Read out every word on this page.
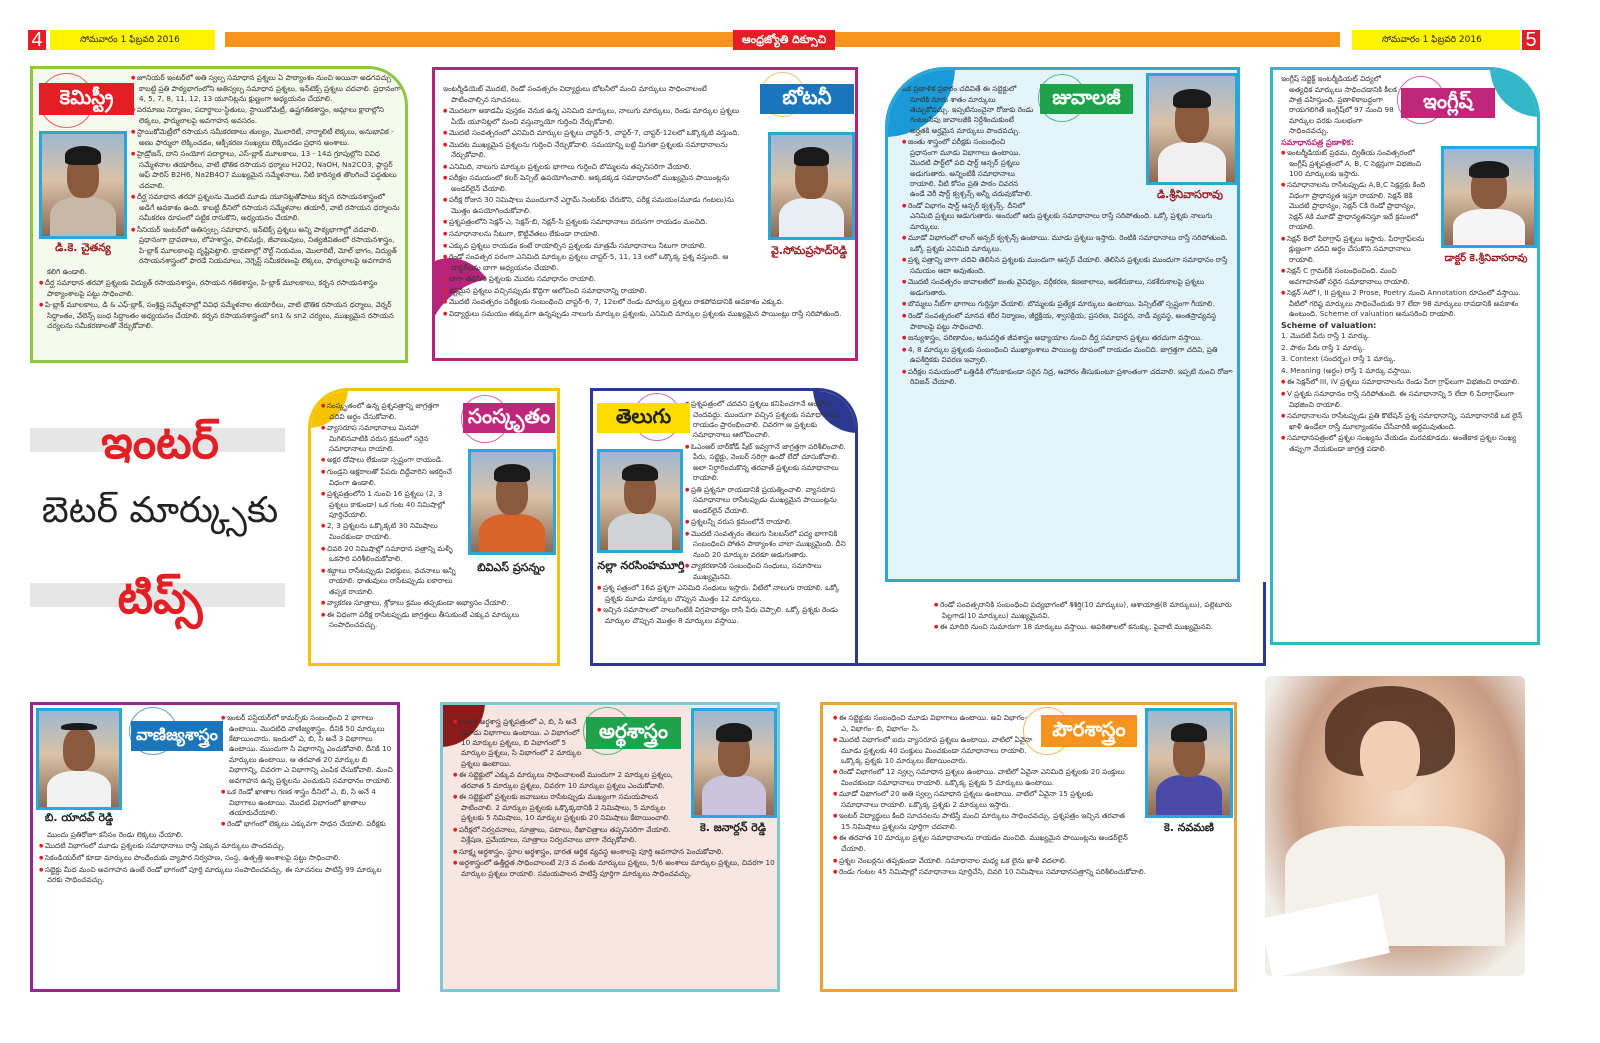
4	సోమవారం 1 ఫిబ్రవరి 2016	ఆంధ్రజ్యోతి దిక్సూచి	సోమవారం 1 ఫిబ్రవరి 2016	5
కెమిస్ట్రీ
డి.కె. చైతన్య

● జూనియర్ ఇంటర్‌లో అతి స్వల్ప సమాధాన ప్రశ్నలు ఏ పాఠ్యాంశం నుంచి అయినా అడగవచ్చు కాబట్టి ప్రతి పాఠ్యభాగంలోని అతిస్వల్ప సమాధాన ప్రశ్నలు, ఇన్‌టెక్స్ ప్రశ్నలు చదవాలి. ప్రధానంగా 4, 5, 7, 8, 11, 12, 13 యూనిట్లను క్షుణ్ణంగా అధ్యయనం చేయాలి.

● పరమాణు నిర్మాణం, పదార్థాలు-స్థితులు, స్టాయికోమెట్రీ, ఉష్ణగతికశాస్త్రం, ఆమ్లాలు క్షారాల్లోని లెక్కలు, ఫార్ములాలపై అవగాహన అవసరం.

● స్టాయికోమెట్రీలో రసాయన సమీకరణాలు తుల్యం, మొలారిటీ, నార్మాలిటీ లెక్కలు, అనుభావిక - అణు ఫార్ములా లెక్కించడం, ఆక్సీకరణ సంఖ్యలు లెక్కించడం ప్రధాన అంశాలు.

● హైడ్రోజన్, దాని సంయోగ పదార్థాలు, ఎస్-బ్లాక్ మూలకాలు, 13 - 14వ గ్రూపుల్లోని వివిధ సమ్మేళనాల తయారీలు, వాటి భౌతిక రసాయన ధర్మాలు H2O2, NaOH, Na2CO3, ప్లాస్టర్ ఆఫ్ పారిస్ B2H6, Na2B4O7 ముఖ్యమైన సమ్మేళనాలు. నీటి కాఠిన్యత తొలగించే పద్ధతులు చదవాలి.

● దీర్ఘ సమాధాన తరహా ప్రశ్నలను మొదటి మూడు యూనిట్లతోపాటు కర్బన రసాయనశాస్త్రంలో అడిగే అవకాశం ఉంది. కాబట్టి దీనిలో రసాయన సమ్మేళనాల తయారీ, వాటి రసాయన ధర్మాలను సమీకరణ రూపంలో పట్టిక రాసుకొని, అధ్యయనం చేయాలి.

● సీనియర్ ఇంటర్‌లో అతిస్వల్ప సమాధాన, ఇన్‌టెక్స్ ప్రశ్నలు అన్ని పాఠ్యభాగాల్లో చదవాలి. ప్రధానంగా ద్రావణాలు, లోహశాస్త్రం, పాలిమర్లు, జీవాణువులు, నిత్యజీవితంలో రసాయనశాస్త్రం, పి-బ్లాక్ మూలకాలపై దృష్టిపెట్టాలి. ద్రావణాల్లో రౌల్ట్ నియమం, మొలారిటీ, మోల్ భాగం, విద్యుత్ రసాయనశాస్త్రంలో ఫారడే నియమాలు, నెర్నెస్ట్ సమీకరణంపై లెక్కలు, ఫార్ములాలపై అవగాహన కలిగి ఉండాలి.

● దీర్ఘ సమాధాన తరహా ప్రశ్నలకు విద్యుత్ రసాయనశాస్త్రం, రసాయన గతికశాస్త్రం, పి-బ్లాక్ మూలకాలు, కర్బన రసాయనశాస్త్రం పాఠ్యాంశాలపై పట్టు సాధించాలి.

● పి-బ్లాక్ మూలకాలు, డి & ఎఫ్-బ్లాక్, సంశ్లిష్ట సమ్మేళనాల్లో వివిధ సమ్మేళనాల తయారీలు, వాటి భౌతిక రసాయన ధర్మాలు, వెర్నర్ సిద్ధాంతం, వేలెన్స్ బంధ సిద్ధాంతం అధ్యయనం చేయాలి. కర్బన రసాయనశాస్త్రంలో sn1 & sn2 చర్యలు, ముఖ్యమైన రసాయన చర్యలను సమీకరణాలతో నేర్చుకోవాలి.

బోటనీ
వై.సోమప్రసాద్‌రెడ్డి

ఇంటర్మీడియెట్ మొదటి, రెండో సంవత్సరం విద్యార్థులు బోటనీలో మంచి మార్కులు సాధించాలంటే పాటించాల్సిన సూచనలు.

● మొదటగా అకాడమీ పుస్తకం వెనుక ఉన్న ఎనిమిది మార్కులు, నాలుగు మార్కులు, రెండు మార్కుల ప్రశ్నలు ఏయే యూనిట్లలో నుంచి వస్తున్నాయో గుర్తించి నేర్చుకోవాలి.

● మొదటి సంవత్సరంలో ఎనిమిది మార్కుల ప్రశ్నలు చాప్టర్-5, చాప్టర్-7, చాప్టర్-12లలో ఒక్కొక్కటి వస్తుంది.

● మొదట ముఖ్యమైన ప్రశ్నలను గుర్తించి నేర్చుకోవాలి. సమయాన్ని బట్టి మిగతా ప్రశ్నలకు సమాధానాలను నేర్చుకోవాలి.

● ఎనిమిది, నాలుగు మార్కుల ప్రశ్నలకు భాగాలు గుర్తించి బొమ్మలను తప్పనిసరిగా వేయాలి.

● పరీక్షల సమయంలో కలర్ పెన్సిల్ ఉపయోగించాలి. అక్కడక్కడ సమాధానంలో ముఖ్యమైన పాయింట్లను అండర్‌లైన్ చేయాలి.

● పరీక్ష రోజున 30 నిమిషాలు ముందుగానే ఎగ్జామ్ సెంటర్‌కు చేరుకొని, పరీక్ష సమయం(మూడు గంటలు)ను మొత్తం ఉపయోగించుకోవాలి.

● ప్రశ్నపత్రంలోని సెక్షన్-ఎ, సెక్షన్-బి, సెక్షన్-సి ప్రశ్నలకు సమాధానాలు వరుసగా రాయడం మంచిది.

● సమాధానాలను నీటుగా, కొట్టివేతలు లేకుండా రాయాలి.

● ఎక్కువ ప్రశ్నలు రాయడం కంటే రాయాల్సిన ప్రశ్నలకు మాత్రమే సమాధానాలు నీటుగా రాయాలి.

● రెండో సంవత్సర పరంగా ఎనిమిది మార్కుల ప్రశ్నలు చాప్టర్-5, 11, 13 లలో ఒక్కొక్క ప్రశ్న వస్తుంది. ఆ చాప్టర్‌లను బాగా అధ్యయనం చేయాలి.

● బాగా తెలిసిన ప్రశ్నలకు మొదట సమాధానం రాయాలి.

● కష్టమైన ప్రశ్నలు వచ్చినప్పుడు కొద్దిగా ఆలోచించి సమాధానాన్ని రాయాలి.

● మొదటి సంవత్సరం పరీక్షలకు సంబంధించి చాప్టర్-6, 7, 12లలో రెండు మార్కుల ప్రశ్నలు రాకపోవడానికి అవకాశం ఎక్కువ.

● విద్యార్థులు సమయం తక్కువగా ఉన్నప్పుడు నాలుగు మార్కుల ప్రశ్నలకు, ఎనిమిది మార్కుల ప్రశ్నలకు ముఖ్యమైన పాయింట్లు రాస్తే సరిపోతుంది.

జువాలజీ
డి.శ్రీనివాసరావు

ఒక ప్రణాళిక ప్రకారం చదివితే ఈ సబ్జెక్టులో నూటికి నూరు శాతం మార్కులు తెచ్చుకోవచ్చు. ఇప్పటినుంచైనా రోజుకు రెండు గంటలసేపు జువాలజీకి నిర్దేశించుకుంటే అర్హతకి అర్హమైన మార్కులు పొందవచ్చు.

● జంతు శాస్త్రంలో పరీక్షకు సంబంధించి ప్రధానంగా మూడు విభాగాలు ఉంటాయి. మొదటి పార్ట్‌లో పది షార్ట్ ఆన్సర్ ప్రశ్నలు అడుగుతారు. అన్నింటికీ సమాధానాలు రాయాలి. వీటి కోసం ప్రతి పాఠం చివరన ఉండే వెరీ షార్ట్ క్వశ్చన్స్ అన్నీ చదువుకోవాలి.

● రెండో విభాగం షార్ట్ ఆన్సర్ క్వశ్చన్స్. దీనిలో ఎనిమిది ప్రశ్నలు అడుగుతారు. అందులో ఆరు ప్రశ్నలకు సమాధానాలు రాస్తే సరిపోతుంది. ఒక్కో ప్రశ్నకు నాలుగు మార్కులు.

● మూడో విభాగంలో లాంగ్ ఆన్సర్ క్వశ్చన్స్ ఉంటాయి. మూడు ప్రశ్నలు ఇస్తారు. రెంటికి సమాధానాలు రాస్తే సరిపోతుంది. ఒక్కో ప్రశ్నకు ఎనిమిది మార్కులు.

● ప్రశ్న పత్రాన్ని బాగా చదివి తెలిసిన ప్రశ్నలకు ముందుగా ఆన్సర్ చేయాలి. తెలిసిన ప్రశ్నలకు ముందుగా సమాధానం రాస్తే సమయం ఆదా అవుతుంది.

● మొదటి సంవత్సరం జువాలజీలో జంతు వైవిధ్యం, వర్గీకరణ, కణజాలాలు, అకశేరుకాలు, సకశేరుకాలపై ప్రశ్నలు అడుగుతారు.

● బొమ్మలు నీట్‌గా భాగాలు గుర్తిస్తూ వేయాలి. బొమ్మలకు ప్రత్యేక మార్కులు ఉంటాయి. పెన్సిల్‌తో స్పష్టంగా గీయాలి.

● రెండో సంవత్సరంలో మానవ శరీర నిర్మాణం, జీర్ణక్రియ, శ్వాసక్రియ, ప్రసరణ, విసర్జన, నాడీ వ్యవస్థ, అంతస్రావ్యవస్థ పాఠాలపై పట్టు సాధించాలి.

● జన్యుశాస్త్రం, పరిణామం, అనువర్తిత జీవశాస్త్రం అధ్యాయాల నుంచి దీర్ఘ సమాధాన ప్రశ్నలు తరచుగా వస్తాయి.

● 4, 8 మార్కుల ప్రశ్నలకు సంబంధించి ముఖ్యాంశాలు పాయింట్ల రూపంలో రాయడం మంచిది. జాగ్రత్తగా చదివి, ప్రతి ఉపశీర్షికకు వివరణ ఇవ్వాలి.

● పరీక్షల సమయంలో ఒత్తిడికి లోనుకాకుండా సరైన నిద్ర, ఆహారం తీసుకుంటూ ప్రశాంతంగా చదవాలి. ఇప్పటి నుంచి రోజూ రివిజన్ చేయాలి.

ఇంగ్లీష్
డాక్టర్ కె.శ్రీనివాసరావు

ఇంగ్లీష్ సబ్జెక్ట్ ఇంటర్మీడియట్ విద్యలో అత్యధిక మార్కులు సాధించడానికి కీలక పాత్ర వహిస్తుంది. ప్రణాళికాబద్ధంగా రాయగలిగితే ఇంగ్లీష్‌లో 97 నుంచి 98 మార్కుల వరకు సులభంగా సాధించవచ్చు.

సమాధానపత్ర ప్రణాళిక:

● ఇంటర్మీడియట్ ప్రథమ, ద్వితీయ సంవత్సరంలో ఇంగ్లీష్ ప్రశ్నపత్రంలో A, B, C సెక్షన్లుగా విభజించి 100 మార్కులకు ఇస్తారు.

● సమాధానాలను రాసేటప్పుడు A,B,C సెక్షన్లకు కింది విధంగా ప్రాధాన్యత ఇస్తూ రాయాలి. సెక్షన్ Bకి మొదటి ప్రాధాన్యం, సెక్షన్ Cకి రెండో ప్రాధాన్యం, సెక్షన్ Aకి మూడో ప్రాధాన్యతనిస్తూ ఇదే క్రమంలో రాయాలి.

● సెక్షన్ Bలో పేరాగ్రాఫ్ ప్రశ్నలు ఇస్తారు. పేరాగ్రాఫ్‌లను క్షుణ్ణంగా చదివి అర్థం చేసుకొని సమాధానాలు రాయాలి.

● సెక్షన్ C గ్రామర్‌కి సంబంధించింది. మంచి అవగాహనతో సరైన సమాధానాలు రాయాలి.

● సెక్షన్ Aలో I, II ప్రశ్నలు 2 Prose, Poetry నుంచి Annotation రూపంలో వస్తాయి. వీటిలో గరిష్ఠ మార్కులు సాధించేందుకు 97 లేదా 98 మార్కులు రావడానికి అవకాశం ఉంటుంది. Scheme of valuation అనుసరించి రాయాలి.

Scheme of valuation:

1. మొదటి పేరు రాస్తే 1 మార్కు.

2. పాఠం పేరు రాస్తే 1 మార్కు.

3. Context (సందర్భం) రాస్తే 1 మార్కు.

4. Meaning (అర్థం) రాస్తే 1 మార్కు వస్తాయి.

● ఈ సెక్షన్‌లో III, IV ప్రశ్నలు సమాధానాలను రెండు పేరా గ్రాఫ్‌లుగా విభజించి రాయాలి.

● V ప్రశ్నకు సమాధానం రాస్తే సరిపోతుంది. ఈ సమాధానాన్ని 5 లేదా 6 పేరాగ్రాఫ్‌లుగా విభజించి రాయాలి.

● సమాధానాలను రాసేటప్పుడు ప్రతి కొటేషన్ ప్రశ్న సమాధానాన్ని, సమాధానానికి ఒక లైన్ ఖాళీ ఉండేలా రాస్తే మూల్యాంకనం చేసేవారికి అర్థమవుతుంది.

● సమాధానపత్రంలో ప్రశ్నల సంఖ్యను వేయడం మరవకూడదు. అంతేకాక ప్రశ్నల సంఖ్య తప్పుగా వేయకుండా జాగ్రత్త పడాలి.

ఇంటర్
బెటర్ మార్క్సుకు
టిప్స్
సంస్కృతం
బివిఎస్ ప్రసన్నం

● సంస్కృతంలో ఉన్న ప్రశ్నపత్రాన్ని జాగ్రత్తగా చదివి అర్థం చేసుకోవాలి.

● వ్యాసరూప సమాధానాలు మినహా మిగిలినవాటికి వరుస క్రమంలో సరైన సమాధానాలు రాయాలి.

● అక్షర దోషాలు లేకుండా స్పష్టంగా రాయండి.

● గుండ్రని అక్షరాలతో పేపరు దిద్దేవారిని ఆకర్షించే విధంగా ఉండాలి.

● ప్రశ్నపత్రంలోని 1 నుంచి 16 ప్రశ్నలు (2, 3 ప్రశ్నలు కాకుండా) ఒక గంట 40 నిమిషాల్లో పూర్తిచేయాలి.

● 2, 3 ప్రశ్నలను ఒక్కొక్కటి 30 నిమిషాలు మించకుండా రాయాలి.

● చివరి 20 నిమిషాల్లో సమాధాన పత్రాన్ని మళ్ళీ ఒకసారి పరిశీలించుకోవాలి.

● శబ్దాలు రాసేటప్పుడు విభక్తులు, వచనాలు అన్నీ రాయాలి. ధాతువులు రాసేటప్పుడు లకారాలు తప్పక రాయాలి.

● వ్యాకరణ సూత్రాలు, శ్లోకాలు క్రమం తప్పకుండా అభ్యాసం చేయాలి.

● ఈ విధంగా పరీక్ష రాసేటప్పుడు జాగ్రత్తలు తీసుకుంటే ఎక్కువ మార్కులు సంపాదించవచ్చు.

తెలుగు
నల్లా నరసింహమూర్తి

● ప్రశ్నపత్రంలో చదవని ప్రశ్నలు కనిపించగానే ఆందోళన చెందవద్దు. ముందుగా వచ్చిన ప్రశ్నలకు సమాధానాలు రాయడం ప్రారంభించాలి. చివరగా ఆ ప్రశ్నలకు సమాధానాలు ఆలోచించాలి.

● ఓఎంఆర్ బార్‌కోడ్ షీట్ ఇవ్వగానే జాగ్రత్తగా పరిశీలించాలి. పేరు, సబ్జెక్టు, నెంబర్ సరిగ్గా ఉందో లేదో చూసుకోవాలి. అలా నిర్ధారించుకొన్న తరవాతే ప్రశ్నలకు సమాధానాలు రాయాలి.

● ప్రతి ప్రశ్ననూ రాయడానికి ప్రయత్నించాలి. వ్యాసరూప సమాధానాలు రాసేటప్పుడు ముఖ్యమైన పాయింట్లను అండర్‌లైన్ చేయాలి.

● ప్రశ్నలన్నీ వరుస క్రమంలోనే రాయాలి.

● మొదటి సంవత్సరం తెలుగు సిలబస్‌లో పద్య భాగానికి సంబంధించి పోతన పాఠ్యాంశం చాలా ముఖ్యమైంది. దీని నుంచి 20 మార్కుల వరకూ అడుగుతారు.

● వ్యాకరణానికి సంబంధించి సంధులు, సమాసాలు ముఖ్యమైనవి.

● ప్రశ్న పత్రంలో 16వ ప్రశ్నగా ఎనిమిది సంధులు ఇస్తారు. వీటిలో నాలుగు రాయాలి. ఒక్కో ప్రశ్నకు మూడు మార్కుల చొప్పున మొత్తం 12 మార్కులు.

● ఇచ్చిన సమాసాలలో నాలుగింటికి విగ్రహవాక్యం రాసి పేరు చెప్పాలి. ఒక్కో ప్రశ్నకు రెండు మార్కుల చొప్పున మొత్తం 8 మార్కులు వస్తాయి.

● రెండో సంవత్సరానికి సంబంధించి పద్యభాగంలో శిశిర్షి(10 మార్కులు), ఆశాయాత్ర(8 మార్కులు), పల్లెటూరు పిల్లగాడ(10 మార్కులు) ముఖ్యమైనవి.

● ఈ మాదిరి నుంచి సుమారుగా 18 మార్కులు వస్తాయి. అపఠితాలలో కనుక్కు, పైవాటి ముఖ్యమైనవి.

బి. యాదవ్ రెడ్డి
వాణిజ్యశాస్త్రం

● ఇంటర్ పస్టియర్‌లో కామర్స్‌కు సంబంధించి 2 భాగాలు ఉంటాయి. మొదటిది వాణిజ్యశాస్త్రం. దీనికి 50 మార్కులు కేటాయించారు. ఇందులో ఎ, బి, సి అనే 3 విభాగాలు ఉంటాయి. ముందుగా సి విభాగాన్ని ఎంచుకోవాలి. దీనికి 10 మార్కులు ఉంటాయి. ఆ తరవాత 20 మార్కుల బి విభాగాన్ని, చివరగా ఎ విభాగాన్ని ఎంపిక చేసుకోవాలి. మంచి అవగాహన ఉన్న ప్రశ్నలను ఎంచుకుని సమాధానం రాయాలి.

● ఒక రెండో ఖాతాల గణక శాస్త్రం దీనిలో ఎ, బి, సి అనే 4 విభాగాలు ఉంటాయి. మొదటి విభాగంలో ఖాతాలు తయారుచేయాలి.

● రెండో భాగంలో లెక్కలు ఎక్కువగా సాధన చేయాలి. పరీక్షకు ముందు ప్రతిరోజూ కనీసం రెండు లెక్కలు చేయాలి.

● మొదటి విభాగంలో మూడు ప్రశ్నలకు సమాధానాలు రాస్తే ఎక్కువ మార్కులు పొందవచ్చు.

● సెకండియర్‌లో కూడా మార్కులు పొందేందుకు వ్యాపార నిర్వహణ, సంస్థ, ఉత్పత్తి అంశాలపై పట్టు సాధించాలి.

● సబ్జెక్టు మీద మంచి అవగాహన ఉంటే రెండో భాగంలో పూర్తి మార్కులు సంపాదించవచ్చు. ఈ సూచనలు పాటిస్తే 99 మార్కుల వరకు సాధించవచ్చు.

అర్థశాస్త్రం
కె. జనార్దన్ రెడ్డి

● ఇంటర్ అర్థశాస్త్ర ప్రశ్నపత్రంలో ఎ, బి, సి అనే మూడు విభాగాలు ఉంటాయి. ఎ విభాగంలో 10 మార్కుల ప్రశ్నలు, బి విభాగంలో 5 మార్కుల ప్రశ్నలు, సి విభాగంలో 2 మార్కుల ప్రశ్నలు ఉంటాయి.

● ఈ సబ్జెక్టులో ఎక్కువ మార్కులు సాధించాలంటే ముందుగా 2 మార్కుల ప్రశ్నలు, తరవాత 5 మార్కుల ప్రశ్నలు, చివరగా 10 మార్కుల ప్రశ్నలు ఎంచుకోవాలి.

● ఈ సబ్జెక్టులో ప్రశ్నలకు జవాబులు రాసేటప్పుడు ముఖ్యంగా సమయపాలన పాటించాలి. 2 మార్కుల ప్రశ్నలకు ఒక్కొక్కదానికి 2 నిమిషాలు, 5 మార్కుల ప్రశ్నలకు 5 నిమిషాలు, 10 మార్కుల ప్రశ్నలకు 20 నిమిషాలు కేటాయించాలి.

● పరీక్షలో నిర్వచనాలు, సూత్రాలు, పటాలు, రేఖాచిత్రాలు తప్పనిసరిగా వేయాలి. విశ్లేషణ, ప్రమేయాలు, సూత్రాలు నిర్వచనాలు బాగా నేర్చుకోవాలి.

● సూక్ష్మ అర్థశాస్త్రం, స్థూల అర్థశాస్త్రం, భారత ఆర్థిక వ్యవస్థ అంశాలపై పూర్తి అవగాహన పెంచుకోవాలి.

● అర్థశాస్త్రంలో ఉత్తీర్ణత సాధించాలంటే 2/3 వ వంతు మార్కులు ప్రశ్నలు, 5/6 అంశాలు మార్కుల ప్రశ్నలు, చివరగా 10 మార్కుల ప్రశ్నలు రాయాలి. సమయపాలన పాటిస్తే పూర్తిగా మార్కులు సాధించవచ్చు.

పౌరశాస్త్రం
కె. నవమణి

● ఈ సబ్జెక్టుకు సంబంధించి మూడు విభాగాలు ఉంటాయి. అవి విభాగం- ఎ, విభాగం- బి, విభాగం- సి.

● మొదటి విభాగంలో ఐదు వ్యాసరూప ప్రశ్నలు ఉంటాయి. వాటిలో ఏవైనా మూడు ప్రశ్నలకు 40 పంక్తులు మించకుండా సమాధానాలు రాయాలి. ఒక్కొక్క ప్రశ్నకు 10 మార్కులు కేటాయించారు.

● రెండో విభాగంలో 12 స్వల్ప సమాధాన ప్రశ్నలు ఉంటాయి. వాటిలో ఏవైనా ఎనిమిది ప్రశ్నలకు 20 పంక్తులు మించకుండా సమాధానాలు రాయాలి. ఒక్కొక్క ప్రశ్నకు 5 మార్కులు ఉంటాయి.

● మూడో విభాగంలో 20 అతి స్వల్ప సమాధాన ప్రశ్నలు ఉంటాయి. వాటిలో ఏవైనా 15 ప్రశ్నలకు సమాధానాలు రాయాలి. ఒక్కొక్క ప్రశ్నకు 2 మార్కులు ఇస్తారు.

● ఇంటర్ విద్యార్థులు కింది సూచనలను పాటిస్తే మంచి మార్కులు సాధించవచ్చు. ప్రశ్నపత్రం ఇచ్చిన తరవాత 15 నిమిషాలు ప్రశ్నలను పూర్తిగా చదవాలి.

● ఈ తరవాత 10 మార్కుల ప్రశ్నల సమాధానాలను రాయడం మంచిది. ముఖ్యమైన పాయింట్లను అండర్‌లైన్ చేయాలి.

● ప్రశ్నల నెంబర్లను తప్పకుండా వేయాలి. సమాధానాల మధ్య ఒక లైను ఖాళీ వదలాలి.

● రెండు గంటల 45 నిమిషాల్లో సమాధానాలు పూర్తిచేసి, చివరి 10 నిమిషాలు సమాధానపత్రాన్ని పరిశీలించుకోవాలి.
